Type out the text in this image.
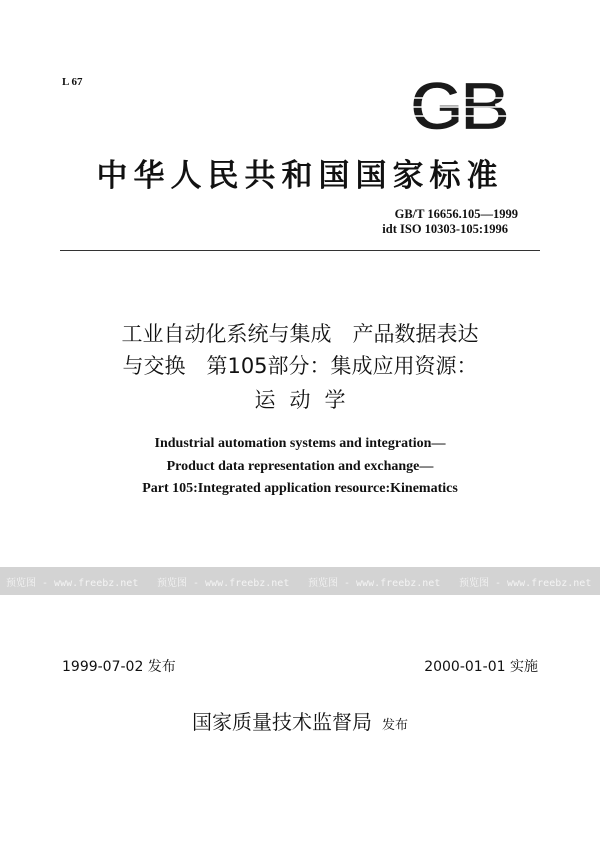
L 67	GB
中华人民共和国国家标准
GB/T 16656.105—1999
idt ISO 10303-105:1996
工业自动化系统与集成　产品数据表达
与交换　第105部分：集成应用资源：
运动学
Industrial automation systems and integration—
Product data representation and exchange—
Part 105:Integrated application resource:Kinematics
预览图 - www.freebz.net 预览图 - www.freebz.net 预览图 - www.freebz.net 预览图 - www.freebz.net
1999-07-02 发布	2000-01-01 实施
国家质量技术监督局 发布
